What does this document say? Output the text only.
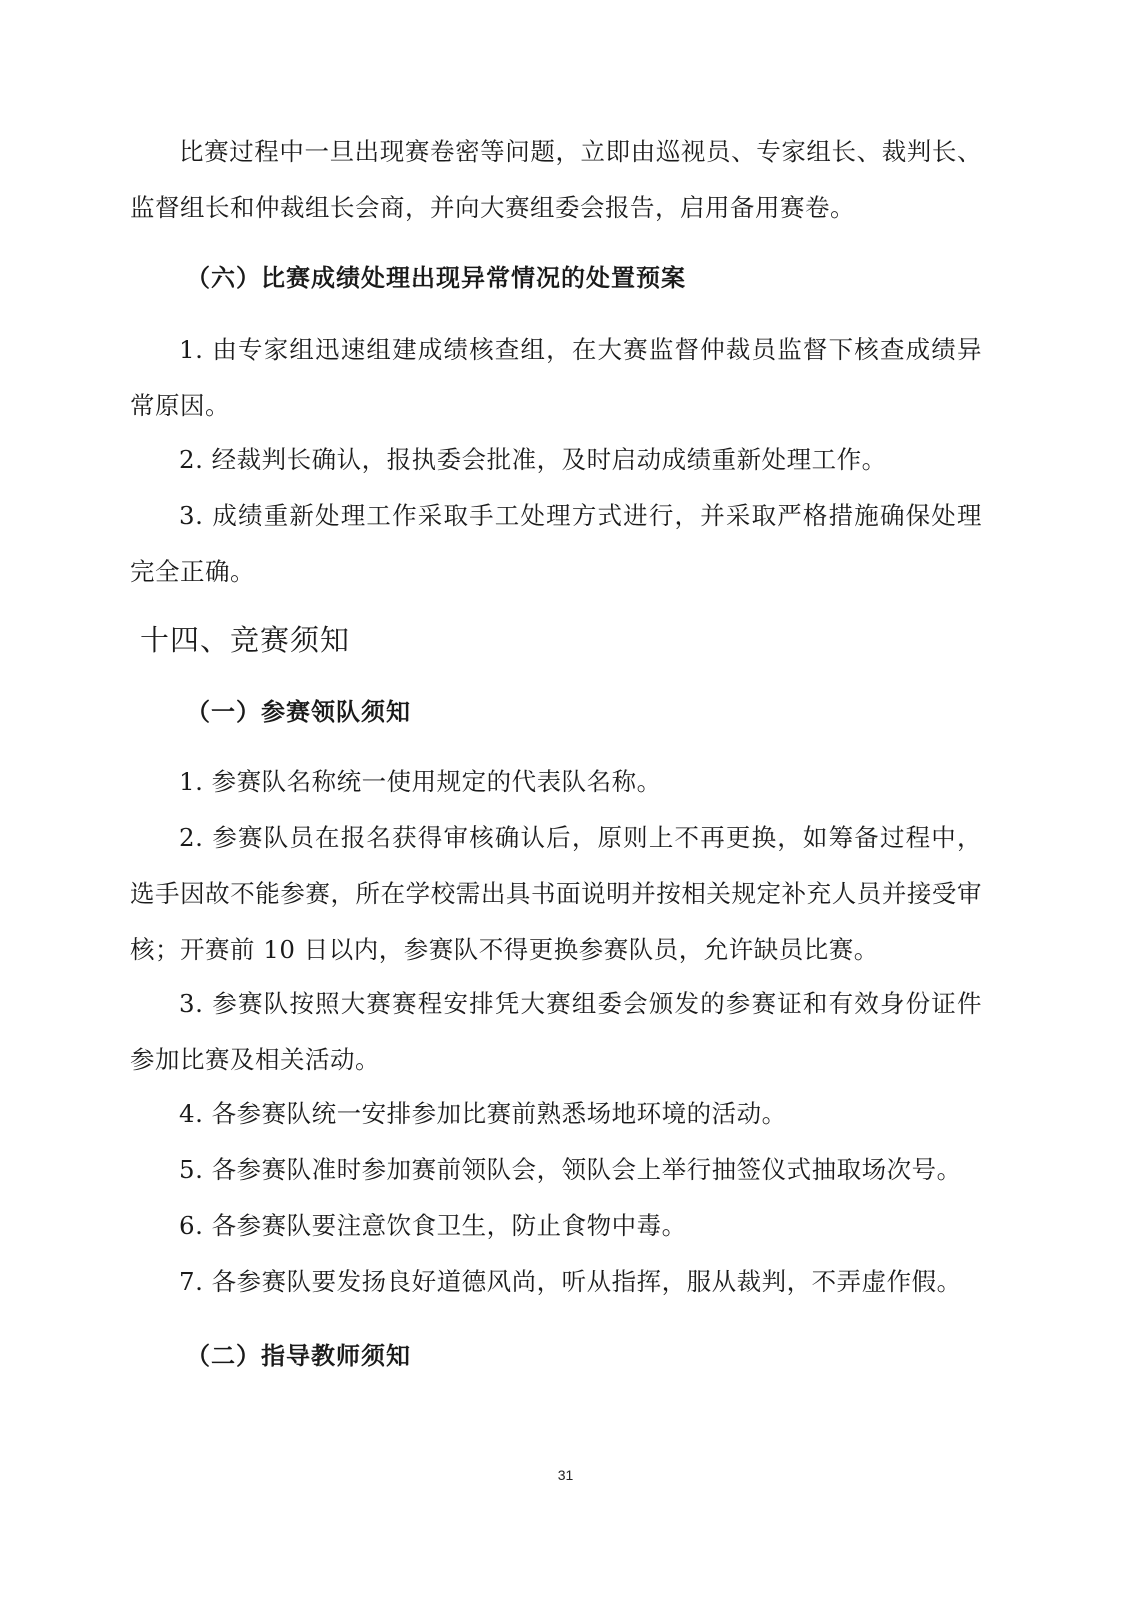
比赛过程中一旦出现赛卷密等问题，立即由巡视员、专家组长、裁判长、监督组长和仲裁组长会商，并向大赛组委会报告，启用备用赛卷。

（六）比赛成绩处理出现异常情况的处置预案

1. 由专家组迅速组建成绩核查组，在大赛监督仲裁员监督下核查成绩异常原因。

2. 经裁判长确认，报执委会批准，及时启动成绩重新处理工作。

3. 成绩重新处理工作采取手工处理方式进行，并采取严格措施确保处理完全正确。

十四、竞赛须知
（一）参赛领队须知

1. 参赛队名称统一使用规定的代表队名称。

2. 参赛队员在报名获得审核确认后，原则上不再更换，如筹备过程中，选手因故不能参赛，所在学校需出具书面说明并按相关规定补充人员并接受审核；开赛前 10 日以内，参赛队不得更换参赛队员，允许缺员比赛。

3. 参赛队按照大赛赛程安排凭大赛组委会颁发的参赛证和有效身份证件参加比赛及相关活动。

4. 各参赛队统一安排参加比赛前熟悉场地环境的活动。

5. 各参赛队准时参加赛前领队会，领队会上举行抽签仪式抽取场次号。

6. 各参赛队要注意饮食卫生，防止食物中毒。

7. 各参赛队要发扬良好道德风尚，听从指挥，服从裁判，不弄虚作假。

（二）指导教师须知
31
